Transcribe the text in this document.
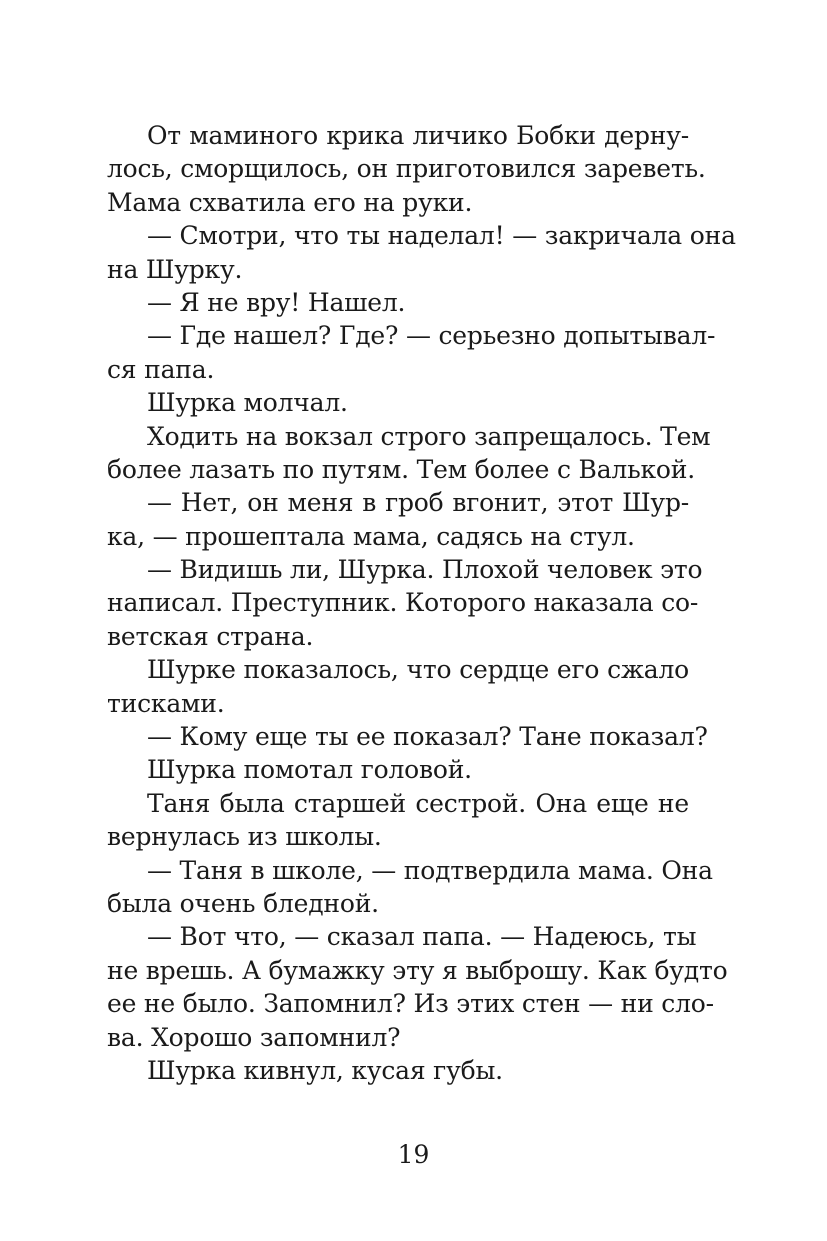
От маминого крика личико Бобки дерну-
лось, сморщилось, он приготовился зареветь.
Мама схватила его на руки.
— Смотри, что ты наделал! — закричала она
на Шурку.
— Я не вру! Нашел.
— Где нашел? Где? — серьезно допытывал-
ся папа.
Шурка молчал.
Ходить на вокзал строго запрещалось. Тем
более лазать по путям. Тем более с Валькой.
— Нет, он меня в гроб вгонит, этот Шур-
ка, — прошептала мама, садясь на стул.
— Видишь ли, Шурка. Плохой человек это
написал. Преступник. Которого наказала со-
ветская страна.
Шурке показалось, что сердце его сжало
тисками.
— Кому еще ты ее показал? Тане показал?
Шурка помотал головой.
Таня была старшей сестрой. Она еще не
вернулась из школы.
— Таня в школе, — подтвердила мама. Она
была очень бледной.
— Вот что, — сказал папа. — Надеюсь, ты
не врешь. А бумажку эту я выброшу. Как будто
ее не было. Запомнил? Из этих стен — ни сло-
ва. Хорошо запомнил?
Шурка кивнул, кусая губы.
19
